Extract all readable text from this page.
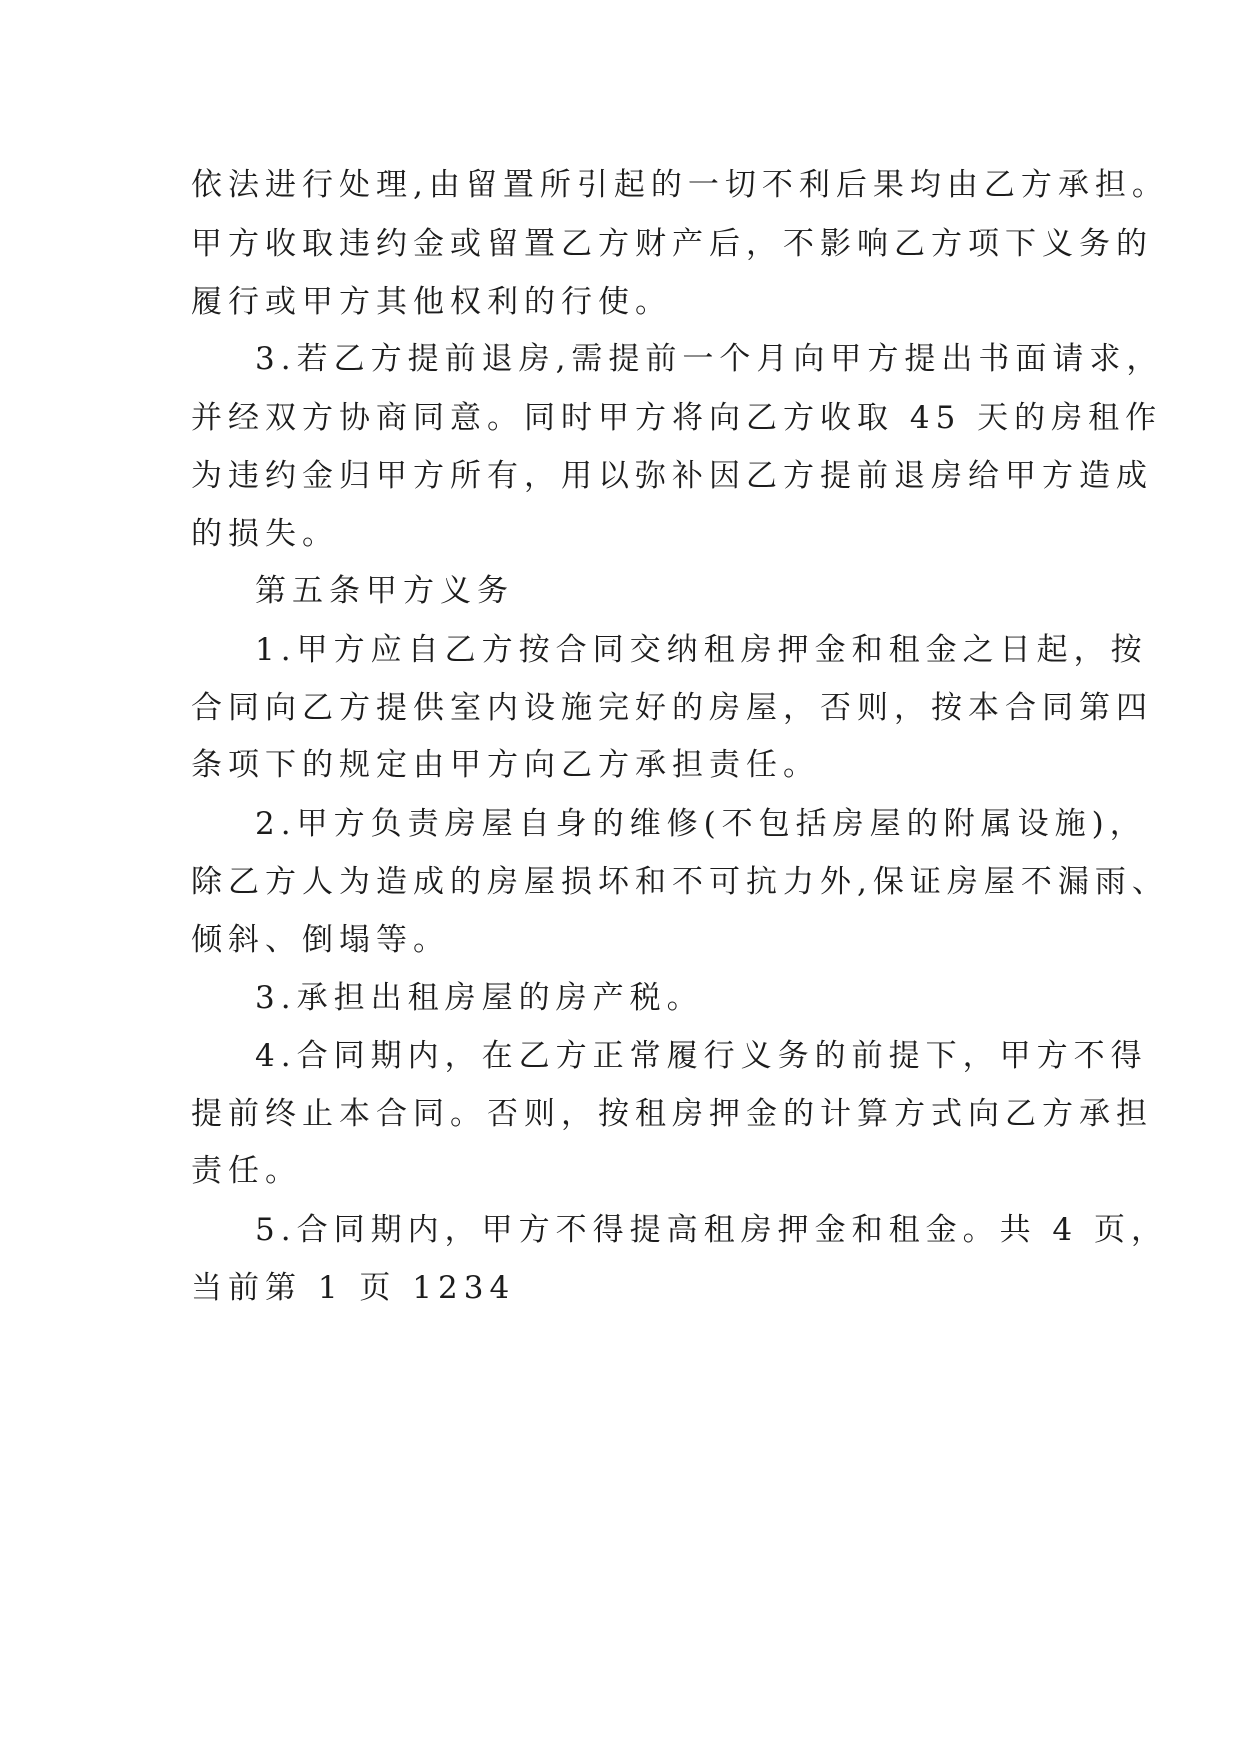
依法进行处理,由留置所引起的一切不利后果均由乙方承担。

甲方收取违约金或留置乙方财产后，不影响乙方项下义务的

履行或甲方其他权利的行使。

3.若乙方提前退房,需提前一个月向甲方提出书面请求，

并经双方协商同意。同时甲方将向乙方收取 45 天的房租作

为违约金归甲方所有，用以弥补因乙方提前退房给甲方造成

的损失。

第五条甲方义务

1.甲方应自乙方按合同交纳租房押金和租金之日起，按

合同向乙方提供室内设施完好的房屋，否则，按本合同第四

条项下的规定由甲方向乙方承担责任。

2.甲方负责房屋自身的维修(不包括房屋的附属设施)，

除乙方人为造成的房屋损坏和不可抗力外,保证房屋不漏雨、

倾斜、倒塌等。

3.承担出租房屋的房产税。

4.合同期内，在乙方正常履行义务的前提下，甲方不得

提前终止本合同。否则，按租房押金的计算方式向乙方承担

责任。

5.合同期内，甲方不得提高租房押金和租金。共 4 页，

当前第 1 页 1234
